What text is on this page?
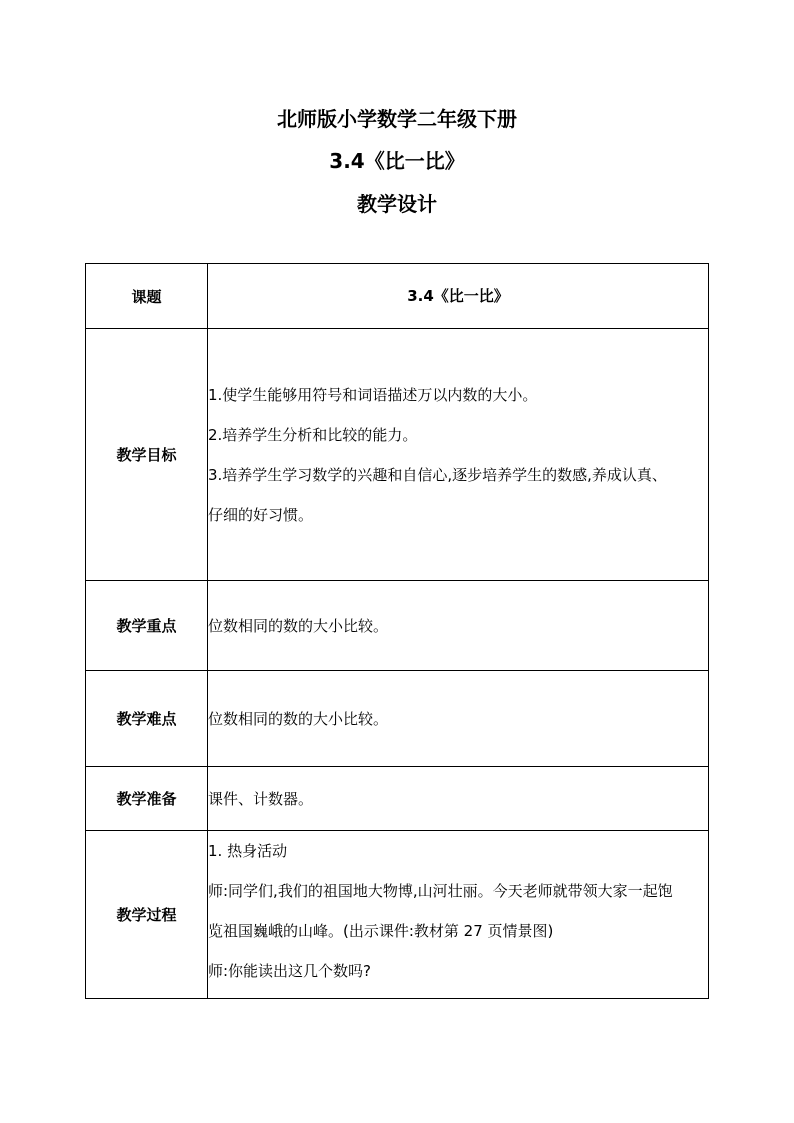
北师版小学数学二年级下册
3.4《比一比》
教学设计
课题	3.4《比一比》
教学目标	1.使学生能够用符号和词语描述万以内数的大小。

2.培养学生分析和比较的能力。

3.培养学生学习数学的兴趣和自信心,逐步培养学生的数感,养成认真、

仔细的好习惯。

教学重点	位数相同的数的大小比较。
教学难点	位数相同的数的大小比较。
教学准备	课件、计数器。
教学过程	1. 热身活动

师:同学们,我们的祖国地大物博,山河壮丽。今天老师就带领大家一起饱

览祖国巍峨的山峰。(出示课件:教材第 27 页情景图)

师:你能读出这几个数吗?
